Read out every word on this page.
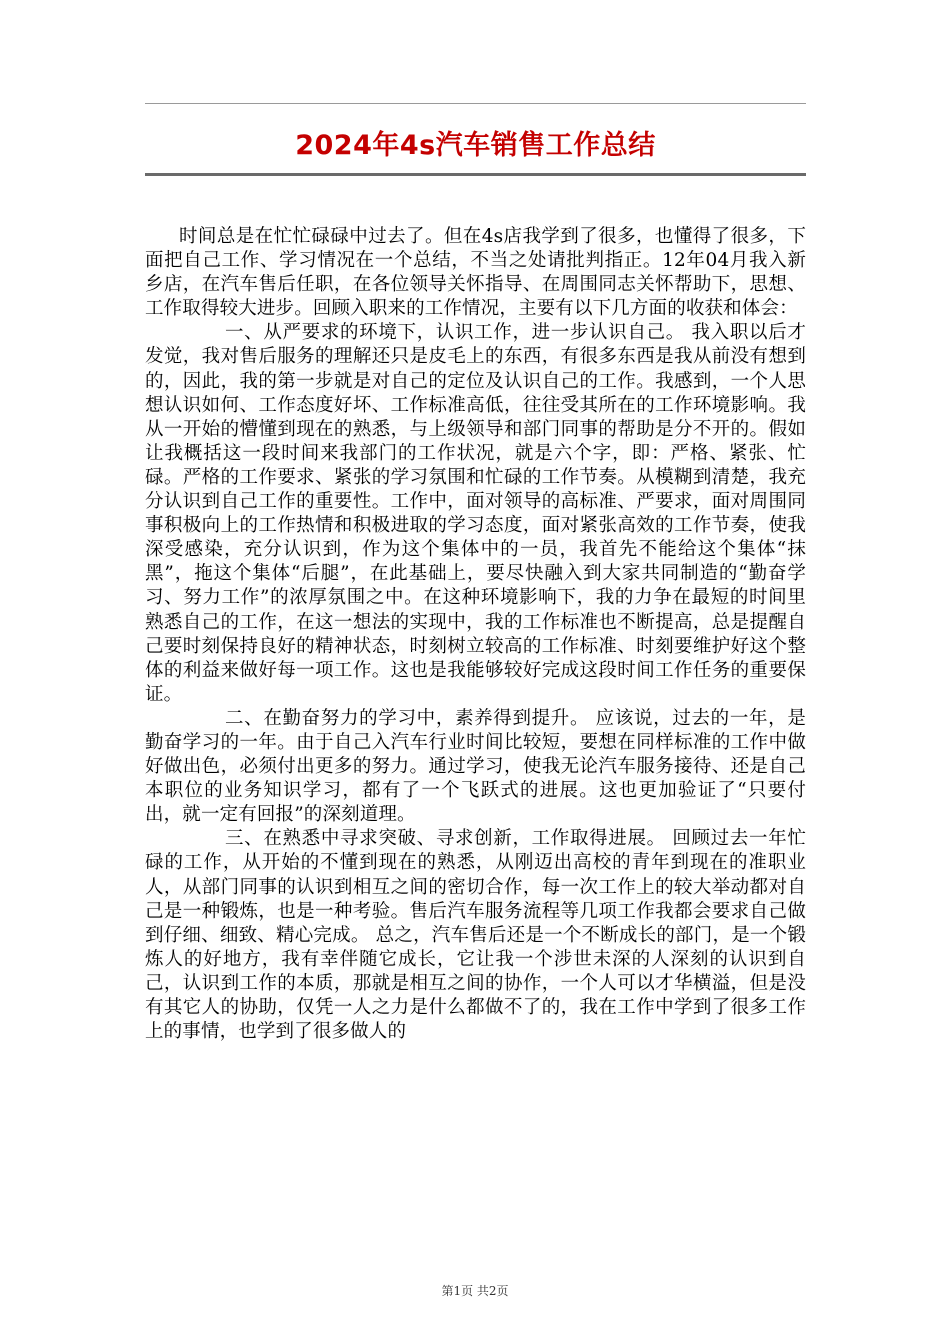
2024年4s汽车销售工作总结

时间总是在忙忙碌碌中过去了。但在4s店我学到了很多，也懂得了很多，下面把自己工作、学习情况在一个总结，不当之处请批判指正。12年04月我入新乡店，在汽车售后任职，在各位领导关怀指导、在周围同志关怀帮助下，思想、工作取得较大进步。回顾入职来的工作情况，主要有以下几方面的收获和体会：

一、从严要求的环境下，认识工作，进一步认识自己。 我入职以后才发觉，我对售后服务的理解还只是皮毛上的东西，有很多东西是我从前没有想到的，因此，我的第一步就是对自己的定位及认识自己的工作。我感到，一个人思想认识如何、工作态度好坏、工作标准高低，往往受其所在的工作环境影响。我从一开始的懵懂到现在的熟悉，与上级领导和部门同事的帮助是分不开的。假如让我概括这一段时间来我部门的工作状况，就是六个字，即：严格、紧张、忙碌。严格的工作要求、紧张的学习氛围和忙碌的工作节奏。从模糊到清楚，我充分认识到自己工作的重要性。工作中，面对领导的高标准、严要求，面对周围同事积极向上的工作热情和积极进取的学习态度，面对紧张高效的工作节奏，使我深受感染，充分认识到，作为这个集体中的一员，我首先不能给这个集体“抹黑”，拖这个集体“后腿”，在此基础上，要尽快融入到大家共同制造的“勤奋学习、努力工作”的浓厚氛围之中。在这种环境影响下，我的力争在最短的时间里熟悉自己的工作，在这一想法的实现中，我的工作标准也不断提高，总是提醒自己要时刻保持良好的精神状态，时刻树立较高的工作标准、时刻要维护好这个整体的利益来做好每一项工作。这也是我能够较好完成这段时间工作任务的重要保证。

二、在勤奋努力的学习中，素养得到提升。 应该说，过去的一年，是勤奋学习的一年。由于自己入汽车行业时间比较短，要想在同样标准的工作中做好做出色，必须付出更多的努力。通过学习，使我无论汽车服务接待、还是自己本职位的业务知识学习，都有了一个飞跃式的进展。这也更加验证了“只要付出，就一定有回报”的深刻道理。

三、在熟悉中寻求突破、寻求创新，工作取得进展。 回顾过去一年忙碌的工作，从开始的不懂到现在的熟悉，从刚迈出高校的青年到现在的准职业人，从部门同事的认识到相互之间的密切合作，每一次工作上的较大举动都对自己是一种锻炼，也是一种考验。售后汽车服务流程等几项工作我都会要求自己做到仔细、细致、精心完成。 总之，汽车售后还是一个不断成长的部门，是一个锻炼人的好地方，我有幸伴随它成长，它让我一个涉世未深的人深刻的认识到自己，认识到工作的本质，那就是相互之间的协作，一个人可以才华横溢，但是没有其它人的协助，仅凭一人之力是什么都做不了的，我在工作中学到了很多工作上的事情，也学到了很多做人的

第1页 共2页
